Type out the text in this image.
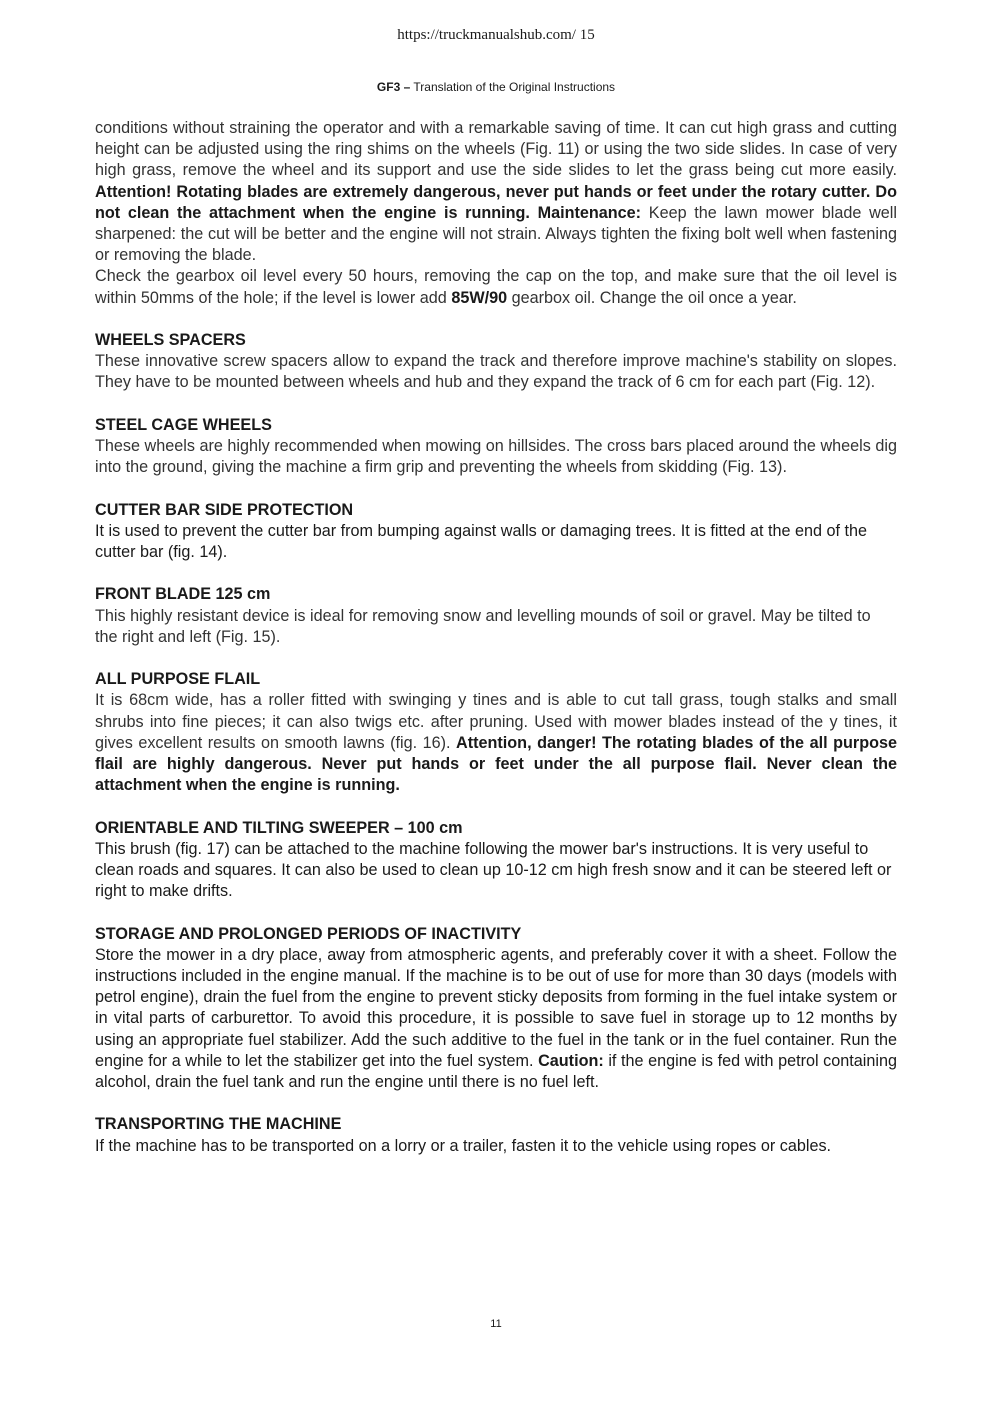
https://truckmanualshub.com/ 15
GF3 – Translation of the Original Instructions

conditions without straining the operator and with a remarkable saving of time. It can cut high grass and cutting height can be adjusted using the ring shims on the wheels (Fig. 11) or using the two side slides. In case of very high grass, remove the wheel and its support and use the side slides to let the grass being cut more easily. Attention! Rotating blades are extremely dangerous, never put hands or feet under the rotary cutter. Do not clean the attachment when the engine is running. Maintenance: Keep the lawn mower blade well sharpened: the cut will be better and the engine will not strain. Always tighten the fixing bolt well when fastening or removing the blade.

Check the gearbox oil level every 50 hours, removing the cap on the top, and make sure that the oil level is within 50mms of the hole; if the level is lower add 85W/90 gearbox oil. Change the oil once a year.

WHEELS SPACERS

These innovative screw spacers allow to expand the track and therefore improve machine's stability on slopes. They have to be mounted between wheels and hub and they expand the track of 6 cm for each part (Fig. 12).

STEEL CAGE WHEELS

These wheels are highly recommended when mowing on hillsides. The cross bars placed around the wheels dig into the ground, giving the machine a firm grip and preventing the wheels from skidding (Fig. 13).

CUTTER BAR SIDE PROTECTION

It is used to prevent the cutter bar from bumping against walls or damaging trees. It is fitted at the end of the cutter bar (fig. 14).

FRONT BLADE 125 cm

This highly resistant device is ideal for removing snow and levelling mounds of soil or gravel. May be tilted to the right and left (Fig. 15).

ALL PURPOSE FLAIL

It is 68cm wide, has a roller fitted with swinging y tines and is able to cut tall grass, tough stalks and small shrubs into fine pieces; it can also twigs etc. after pruning. Used with mower blades instead of the y tines, it gives excellent results on smooth lawns (fig. 16). Attention, danger! The rotating blades of the all purpose flail are highly dangerous. Never put hands or feet under the all purpose flail. Never clean the attachment when the engine is running.

ORIENTABLE AND TILTING SWEEPER – 100 cm

This brush (fig. 17) can be attached to the machine following the mower bar's instructions. It is very useful to clean roads and squares. It can also be used to clean up 10-12 cm high fresh snow and it can be steered left or right to make drifts.

STORAGE AND PROLONGED PERIODS OF INACTIVITY

Store the mower in a dry place, away from atmospheric agents, and preferably cover it with a sheet. Follow the instructions included in the engine manual. If the machine is to be out of use for more than 30 days (models with petrol engine), drain the fuel from the engine to prevent sticky deposits from forming in the fuel intake system or in vital parts of carburettor. To avoid this procedure, it is possible to save fuel in storage up to 12 months by using an appropriate fuel stabilizer. Add the such additive to the fuel in the tank or in the fuel container. Run the engine for a while to let the stabilizer get into the fuel system. Caution: if the engine is fed with petrol containing alcohol, drain the fuel tank and run the engine until there is no fuel left.

TRANSPORTING THE MACHINE

If the machine has to be transported on a lorry or a trailer, fasten it to the vehicle using ropes or cables.

11
